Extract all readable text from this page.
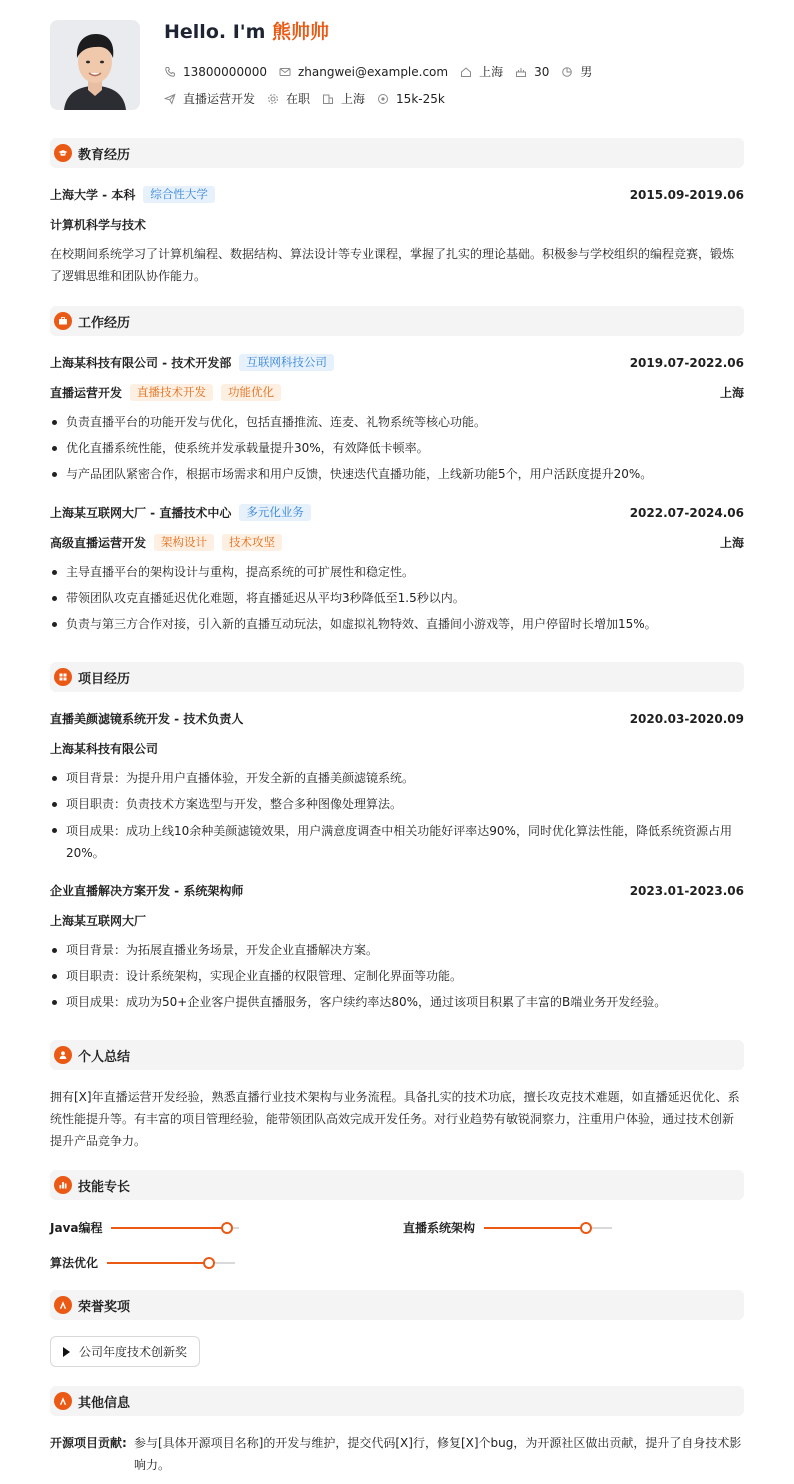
Hello. I'm 熊帅帅
13800000000	zhangwei@example.com	上海	30	男
直播运营开发	在职	上海	15k-25k
教育经历
上海大学 - 本科	综合性大学	2015.09-2019.06
计算机科学与技术
在校期间系统学习了计算机编程、数据结构、算法设计等专业课程，掌握了扎实的理论基础。积极参与学校组织的编程竞赛，锻炼了逻辑思维和团队协作能力。
工作经历
上海某科技有限公司 - 技术开发部	互联网科技公司	2019.07-2022.06
直播运营开发	直播技术开发	功能优化	上海
负责直播平台的功能开发与优化，包括直播推流、连麦、礼物系统等核心功能。
优化直播系统性能，使系统并发承载量提升30%，有效降低卡顿率。
与产品团队紧密合作，根据市场需求和用户反馈，快速迭代直播功能，上线新功能5个，用户活跃度提升20%。
上海某互联网大厂 - 直播技术中心	多元化业务	2022.07-2024.06
高级直播运营开发	架构设计	技术攻坚	上海
主导直播平台的架构设计与重构，提高系统的可扩展性和稳定性。
带领团队攻克直播延迟优化难题，将直播延迟从平均3秒降低至1.5秒以内。
负责与第三方合作对接，引入新的直播互动玩法，如虚拟礼物特效、直播间小游戏等，用户停留时长增加15%。
项目经历
直播美颜滤镜系统开发 - 技术负责人	2020.03-2020.09
上海某科技有限公司
项目背景：为提升用户直播体验，开发全新的直播美颜滤镜系统。
项目职责：负责技术方案选型与开发，整合多种图像处理算法。
项目成果：成功上线10余种美颜滤镜效果，用户满意度调查中相关功能好评率达90%，同时优化算法性能，降低系统资源占用20%。
企业直播解决方案开发 - 系统架构师	2023.01-2023.06
上海某互联网大厂
项目背景：为拓展直播业务场景，开发企业直播解决方案。
项目职责：设计系统架构，实现企业直播的权限管理、定制化界面等功能。
项目成果：成功为50+企业客户提供直播服务，客户续约率达80%，通过该项目积累了丰富的B端业务开发经验。
个人总结
拥有[X]年直播运营开发经验，熟悉直播行业技术架构与业务流程。具备扎实的技术功底，擅长攻克技术难题，如直播延迟优化、系统性能提升等。有丰富的项目管理经验，能带领团队高效完成开发任务。对行业趋势有敏锐洞察力，注重用户体验，通过技术创新提升产品竞争力。
技能专长
Java编程	直播系统架构
算法优化
荣誉奖项
公司年度技术创新奖
其他信息
开源项目贡献: 参与[具体开源项目名称]的开发与维护，提交代码[X]行，修复[X]个bug，为开源社区做出贡献，提升了自身技术影响力。
